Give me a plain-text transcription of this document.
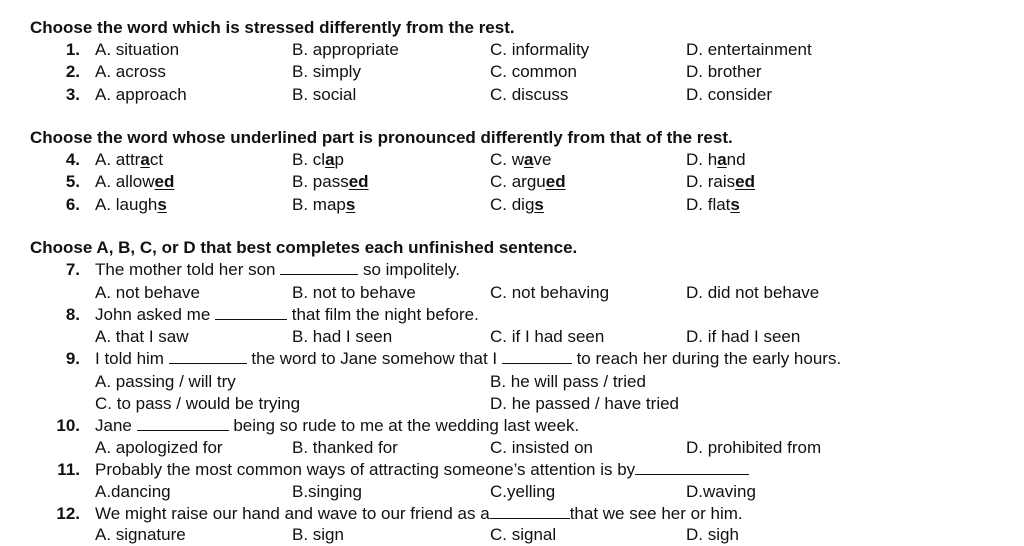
Choose the word which is stressed differently from the rest.
1. A. situation	B. appropriate	C. informality	D. entertainment
2. A. across	B. simply	C. common	D. brother
3. A. approach	B. social	C. discuss	D. consider
Choose the word whose underlined part is pronounced differently from that of the rest.
4. A. attract	B. clap	C. wave	D. hand
5. A. allowed	B. passed	C. argued	D. raised
6. A. laughs	B. maps	C. digs	D. flats
Choose A, B, C, or D that best completes each unfinished sentence.
7. The mother told her son	so impolitely.
A. not behave	B. not to behave	C. not behaving	D. did not behave
8. John asked me	that film the night before.
A. that I saw	B. had I seen	C. if I had seen	D. if had I seen
9. I told him	the word to Jane somehow that I	to reach her during the early hours.
A. passing / will try	B. he will pass / tried
C. to pass / would be trying	D. he passed / have tried
10. Jane	being so rude to me at the wedding last week.
A. apologized for	B. thanked for	C. insisted on	D. prohibited from
11. Probably the most common ways of attracting someone’s attention is by
A.dancing	B.singing	C.yelling	D.waving
12. We might raise our hand and wave to our friend as a	that we see her or him.
A. signature	B. sign	C. signal	D. sigh
